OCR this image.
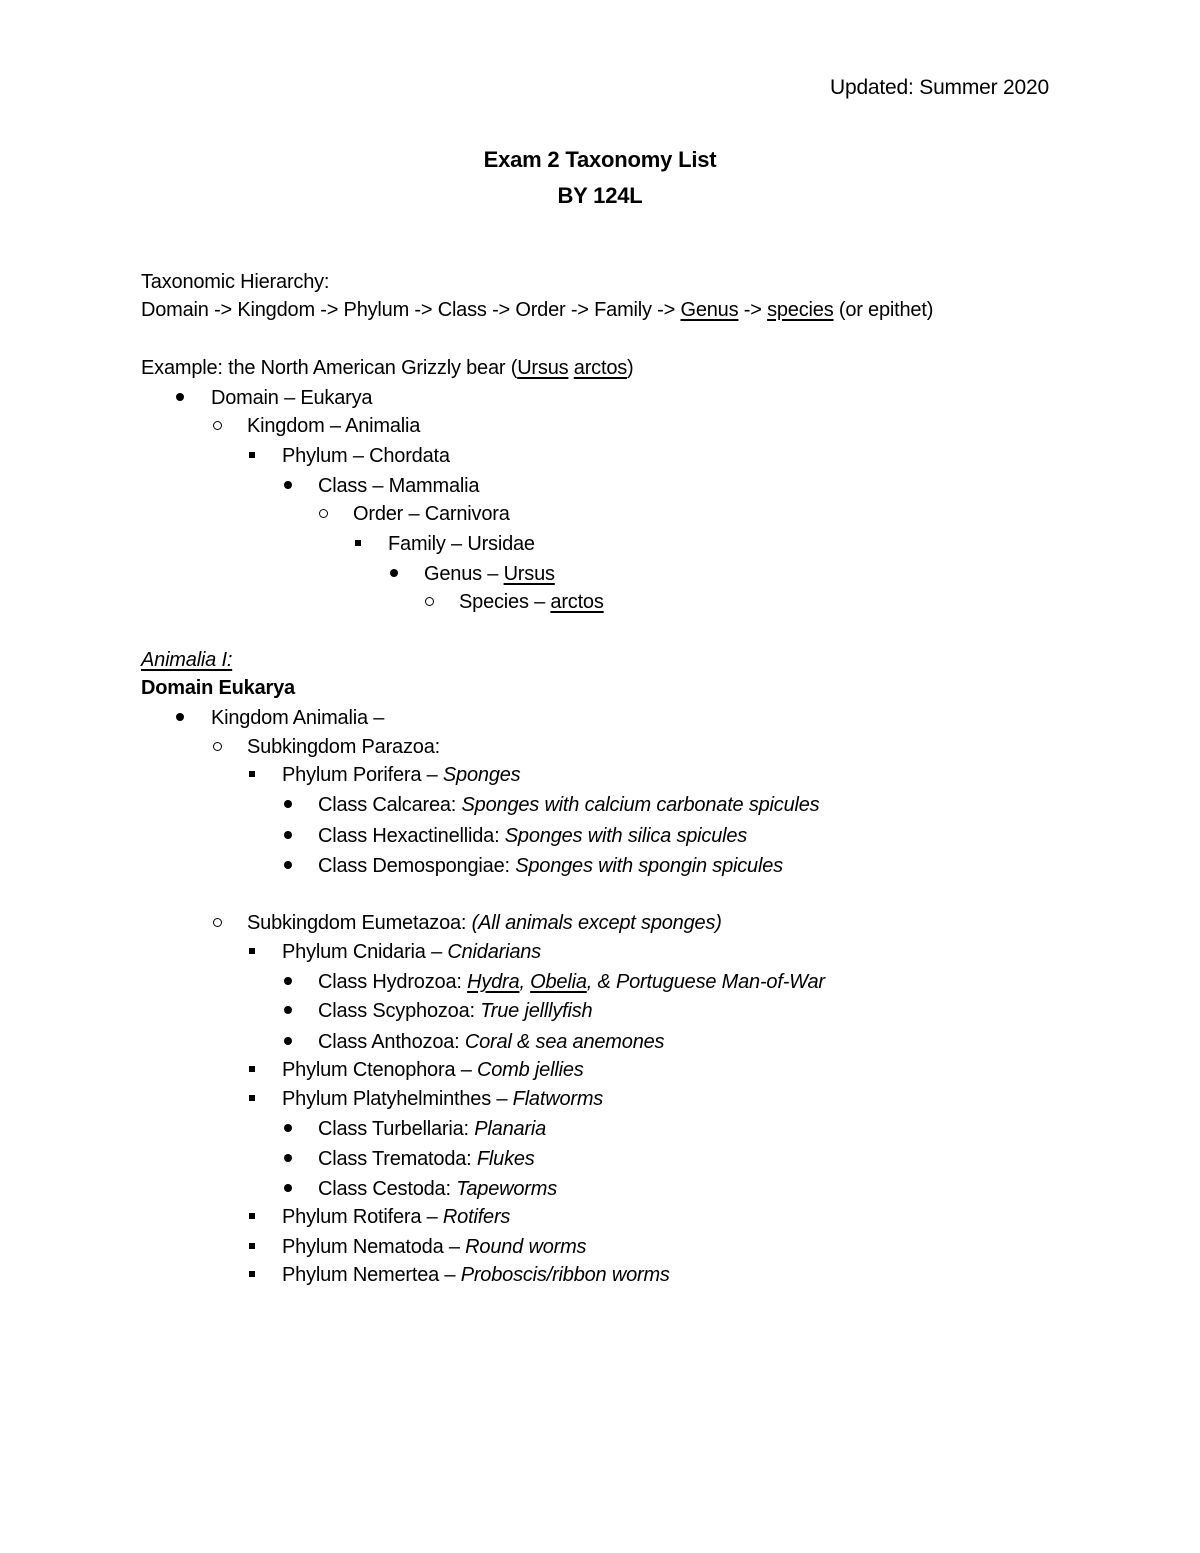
Updated: Summer 2020
Exam 2 Taxonomy List
BY 124L
Taxonomic Hierarchy:
Domain -> Kingdom -> Phylum -> Class -> Order -> Family -> Genus -> species (or epithet)
Example: the North American Grizzly bear (Ursus arctos)
Domain – Eukarya
Kingdom – Animalia
Phylum – Chordata
Class – Mammalia
Order – Carnivora
Family – Ursidae
Genus – Ursus
Species – arctos
Animalia I:
Domain Eukarya
Kingdom Animalia –
Subkingdom Parazoa:
Phylum Porifera – Sponges
Class Calcarea: Sponges with calcium carbonate spicules
Class Hexactinellida: Sponges with silica spicules
Class Demospongiae: Sponges with spongin spicules
Subkingdom Eumetazoa: (All animals except sponges)
Phylum Cnidaria – Cnidarians
Class Hydrozoa: Hydra, Obelia, & Portuguese Man-of-War
Class Scyphozoa: True jelllyfish
Class Anthozoa: Coral & sea anemones
Phylum Ctenophora – Comb jellies
Phylum Platyhelminthes – Flatworms
Class Turbellaria: Planaria
Class Trematoda: Flukes
Class Cestoda: Tapeworms
Phylum Rotifera – Rotifers
Phylum Nematoda – Round worms
Phylum Nemertea – Proboscis/ribbon worms
